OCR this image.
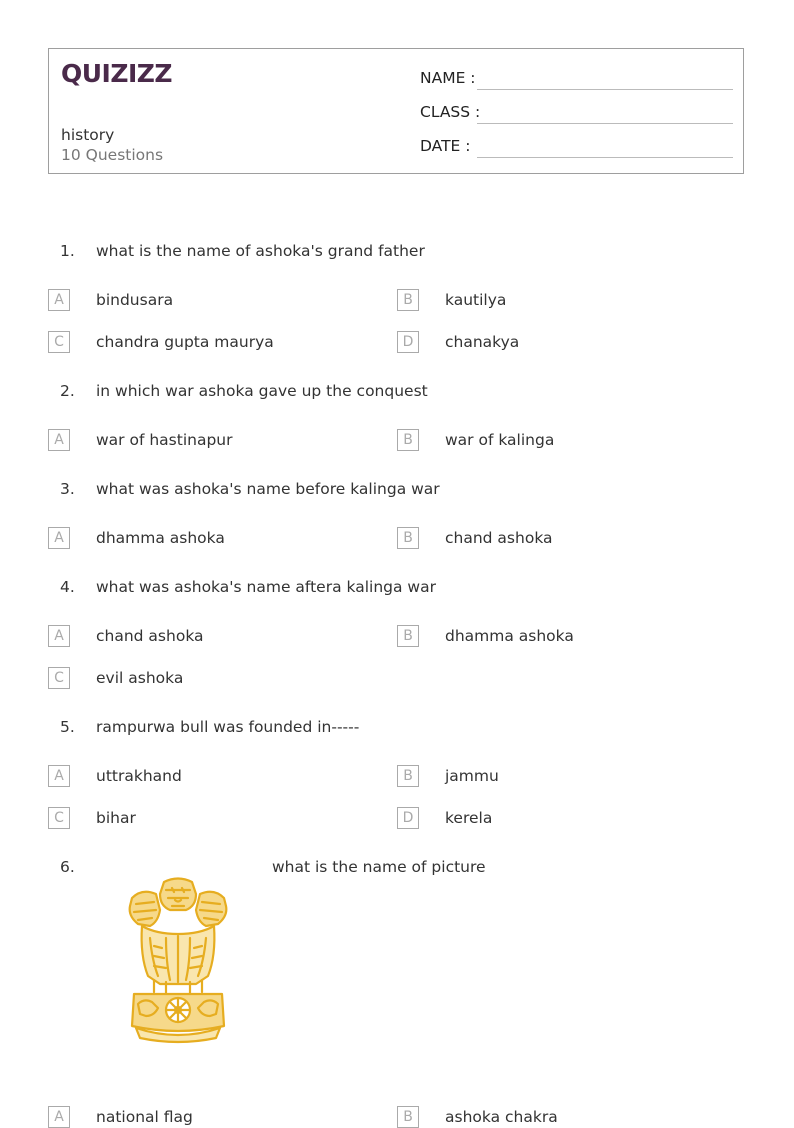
QUIZIZZ
history
10 Questions
NAME :
CLASS :
DATE :
1. what is the name of ashoka's grand father
A	bindusara	B	kautilya
C	chandra gupta maurya	D	chanakya
2. in which war ashoka gave up the conquest
A	war of hastinapur	B	war of kalinga
3. what was ashoka's name before kalinga war
A	dhamma ashoka	B	chand ashoka
4. what was ashoka's name aftera kalinga war
A	chand ashoka	B	dhamma ashoka
C	evil ashoka
5. rampurwa bull was founded in-----
A	uttrakhand	B	jammu
C	bihar	D	kerela
6.	what is the name of picture
A	national flag	B	ashoka chakra
